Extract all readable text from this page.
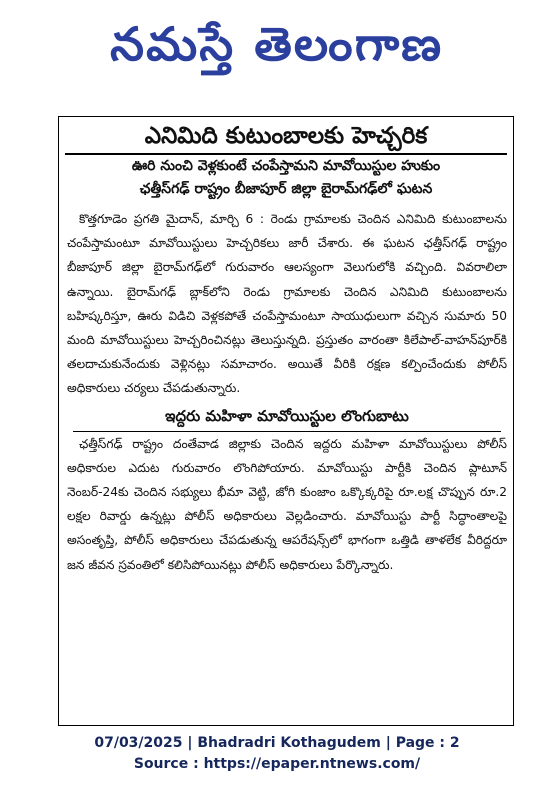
నమస్తే తెలంగాణ
ఎనిమిది కుటుంబాలకు హెచ్చరిక
ఊరి నుంచి వెళ్లకుంటే చంపేస్తామని మావోయిస్టుల హుకుం
ఛత్తీస్‌గఢ్ రాష్ట్రం బీజాపూర్ జిల్లా బైరామ్‌గఢ్‌లో ఘటన

కొత్తగూడెం ప్రగతి మైదాన్, మార్చి 6 : రెండు గ్రామాలకు చెందిన ఎనిమిది కుటుంబాలను చంపేస్తామంటూ మావోయిస్టులు హెచ్చరికలు జారీ చేశారు. ఈ ఘటన ఛత్తీస్‌గఢ్ రాష్ట్రం బీజాపూర్ జిల్లా బైరామ్‌గఢ్‌లో గురువారం ఆలస్యంగా వెలుగులోకి వచ్చింది. వివరాలిలా ఉన్నాయి. బైరామ్‌గఢ్ బ్లాక్‌లోని రెండు గ్రామాలకు చెందిన ఎనిమిది కుటుంబాలను బహిష్కరిస్తూ, ఊరు విడిచి వెళ్లకపోతే చంపేస్తామంటూ సాయుధులుగా వచ్చిన సుమారు 50 మంది మావోయిస్టులు హెచ్చరించినట్లు తెలుస్తున్నది. ప్రస్తుతం వారంతా కిలేపాల్-వాహన్‌పూర్‌కి తలదాచుకునేందుకు వెళ్లినట్లు సమాచారం. అయితే వీరికి రక్షణ కల్పించేందుకు పోలీస్ అధికారులు చర్యలు చేపడుతున్నారు.

ఇద్దరు మహిళా మావోయిస్టుల లొంగుబాటు

ఛత్తీస్‌గఢ్ రాష్ట్రం దంతేవాడ జిల్లాకు చెందిన ఇద్దరు మహిళా మావోయిస్టులు పోలీస్ అధికారుల ఎదుట గురువారం లొంగిపోయారు. మావోయిస్టు పార్టీకి చెందిన ప్లాటూన్ నెంబర్-24కు చెందిన సభ్యులు భీమా వెట్టి, జోగి కుంజాం ఒక్కొక్కరిపై రూ.లక్ష చొప్పున రూ.2 లక్షల రివార్డు ఉన్నట్లు పోలీస్ అధికారులు వెల్లడించారు. మావోయిస్టు పార్టీ సిద్ధాంతాలపై అసంతృప్తి, పోలీస్ అధికారులు చేపడుతున్న ఆపరేషన్స్‌లో భాగంగా ఒత్తిడి తాళలేక వీరిద్దరూ జన జీవన స్రవంతిలో కలిసిపోయినట్లు పోలీస్ అధికారులు పేర్కొన్నారు.

07/03/2025 | Bhadradri Kothagudem | Page : 2
Source : https://epaper.ntnews.com/
